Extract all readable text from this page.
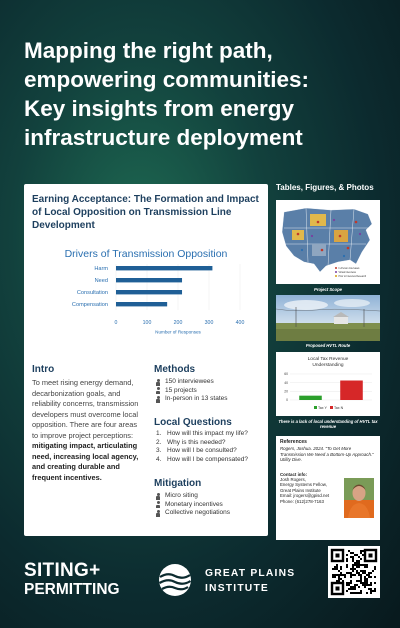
Mapping the right path,
empowering communities:
Key insights from energy
infrastructure deployment
Earning Acceptance: The Formation and Impact of Local Opposition on Transmission Line Development
Drivers of Transmission Opposition
Harm
Need
Consultation
Compensation
0	100	200	300	400
Number of Responses
Intro
To meet rising energy demand, decarbonization goals, and reliability concerns, transmission developers must overcome local opposition. There are four areas to improve project perceptions: mitigating impact, articulating need, increasing local agency, and creating durable and frequent incentives.
Methods
150 interviewees
15 projects
In-person in 13 states
Local Questions
1. How will this impact my life?
2. Why is this needed?
3. How will I be consulted?
4. How will I be compensated?
Mitigation
Micro siting
Monetary incentives
Collective negotiations
Tables, Figures, & Photos
In-Person Interviews
Virtual Interviews
Prior to Interview Research
Project Scope
Proposed HVTL Route
Local Tax Revenue
Understanding
0
20
40
60
Tax Y Tax N
There is a lack of local understanding of HVTL tax revenue
References
Rogers, Joshua. 2024. "To Get More Transmission We Need a Bottom-Up Approach." Utility Dive.
Contact info:
Josh Rogers,
Energy Systems Fellow,
Great Plains Institute
Email: jrogers@gpisd.net
Phone: (612)278-7163
Scan here to learn more
SITING+
PERMITTING
GREAT PLAINS
INSTITUTE
